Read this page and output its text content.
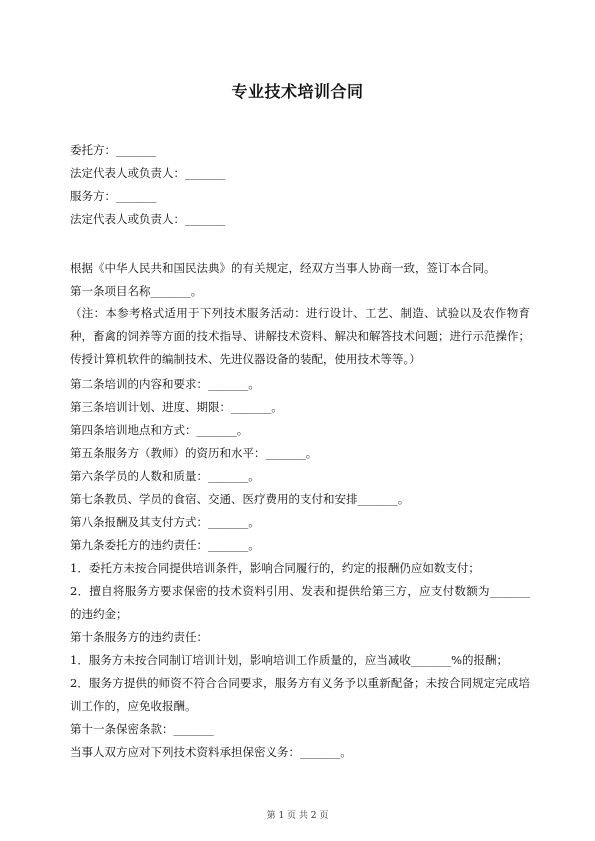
专业技术培训合同
委托方：_______
法定代表人或负责人：_______
服务方：_______
法定代表人或负责人：_______
根据《中华人民共和国民法典》的有关规定，经双方当事人协商一致，签订本合同。
第一条项目名称_______。
（注：本参考格式适用于下列技术服务活动：进行设计、工艺、制造、试验以及农作物育种，畜禽的饲养等方面的技术指导、讲解技术资料、解决和解答技术问题；进行示范操作；传授计算机软件的编制技术、先进仪器设备的装配，使用技术等等。）
第二条培训的内容和要求：_______。
第三条培训计划、进度、期限：_______。
第四条培训地点和方式：_______。
第五条服务方（教师）的资历和水平：_______。
第六条学员的人数和质量：_______。
第七条教员、学员的食宿、交通、医疗费用的支付和安排_______。
第八条报酬及其支付方式：_______。
第九条委托方的违约责任：_______。
1．委托方未按合同提供培训条件，影响合同履行的，约定的报酬仍应如数支付；
2．擅自将服务方要求保密的技术资料引用、发表和提供给第三方，应支付数额为_______的违约金；
第十条服务方的违约责任：
1．服务方未按合同制订培训计划，影响培训工作质量的，应当减收_______%的报酬；
2．服务方提供的师资不符合合同要求，服务方有义务予以重新配备；未按合同规定完成培训工作的，应免收报酬。
第十一条保密条款：_______
当事人双方应对下列技术资料承担保密义务：_______。
第 1 页 共 2 页
